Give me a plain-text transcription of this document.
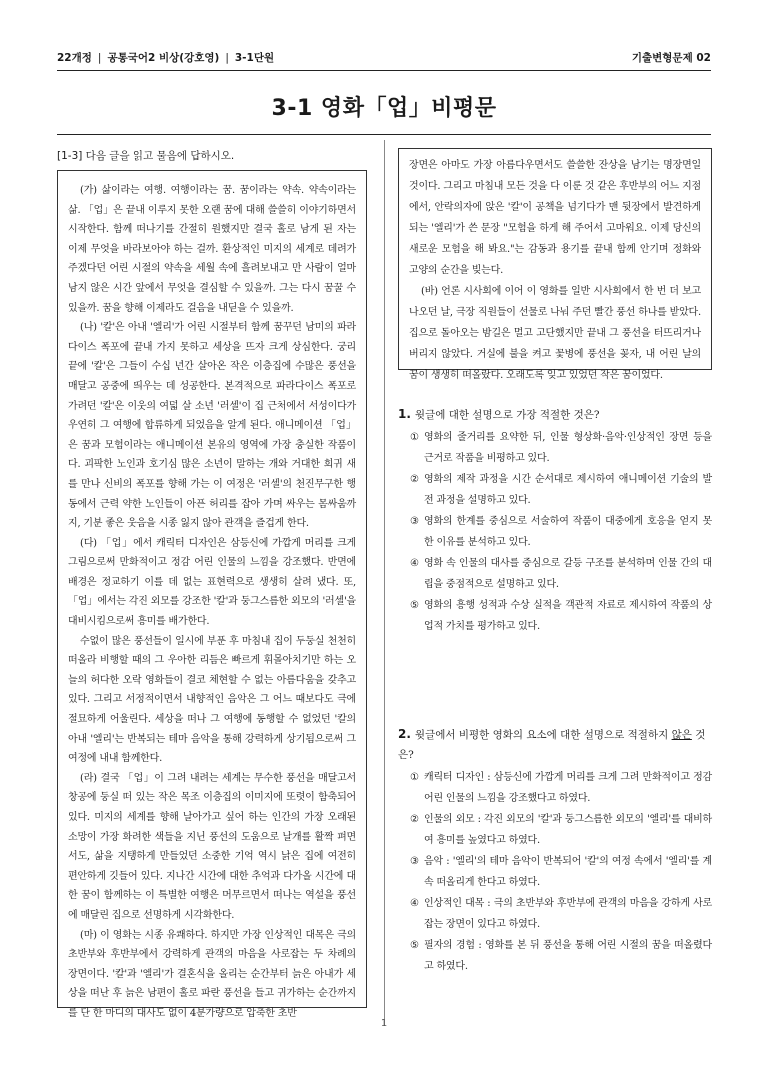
22개정 | 공통국어2 비상(강호영) | 3-1단원	기출변형문제 02
3-1 영화「업」비평문
[1-3] 다음 글을 읽고 물음에 답하시오.

(가) 삶이라는 여행. 여행이라는 꿈. 꿈이라는 약속. 약속이라는 삶. 「업」은 끝내 이루지 못한 오랜 꿈에 대해 쓸쓸히 이야기하면서 시작한다. 함께 떠나기를 간절히 원했지만 결국 홀로 남게 된 자는 이제 무엇을 바라보아야 하는 걸까. 환상적인 미지의 세계로 데려가 주겠다던 어린 시절의 약속을 세월 속에 흘려보내고 만 사람이 얼마 남지 않은 시간 앞에서 무엇을 결심할 수 있을까. 그는 다시 꿈꿀 수 있을까. 꿈을 향해 이제라도 걸음을 내딛을 수 있을까.

(나) '칼'은 아내 '엘리'가 어린 시절부터 함께 꿈꾸던 남미의 파라다이스 폭포에 끝내 가지 못하고 세상을 뜨자 크게 상심한다. 궁리 끝에 '칼'은 그들이 수십 년간 살아온 작은 이층집에 수많은 풍선을 매달고 공중에 띄우는 데 성공한다. 본격적으로 파라다이스 폭포로 가려던 '칼'은 이웃의 여덟 살 소년 '러셀'이 집 근처에서 서성이다가 우연히 그 여행에 합류하게 되었음을 알게 된다. 애니메이션 「업」은 꿈과 모험이라는 애니메이션 본유의 영역에 가장 충실한 작품이다. 괴팍한 노인과 호기심 많은 소년이 말하는 개와 거대한 희귀 새를 만나 신비의 폭포를 향해 가는 이 여정은 '러셀'의 천진무구한 행동에서 근력 약한 노인들이 아픈 허리를 잡아 가며 싸우는 몸싸움까지, 기분 좋은 웃음을 시종 잃지 않아 관객을 즐겁게 한다.

(다) 「업」에서 캐릭터 디자인은 삼등신에 가깝게 머리를 크게 그림으로써 만화적이고 정감 어린 인물의 느낌을 강조했다. 반면에 배경은 정교하기 이를 데 없는 표현력으로 생생히 살려 냈다. 또, 「업」에서는 각진 외모를 강조한 '칼'과 둥그스름한 외모의 '러셀'을 대비시킴으로써 흥미를 배가한다.

수없이 많은 풍선들이 일시에 부푼 후 마침내 집이 두둥실 천천히 떠올라 비행할 때의 그 우아한 리듬은 빠르게 휘몰아치기만 하는 오늘의 허다한 오락 영화들이 결코 체현할 수 없는 아름다움을 갖추고 있다. 그리고 서정적이면서 내향적인 음악은 그 어느 때보다도 극에 절묘하게 어울린다. 세상을 떠나 그 여행에 동행할 수 없었던 '칼의 아내 '엘리'는 반복되는 테마 음악을 통해 강력하게 상기됨으로써 그 여정에 내내 함께한다.

(라) 결국 「업」이 그려 내려는 세계는 무수한 풍선을 매달고서 창공에 둥실 떠 있는 작은 목조 이층집의 이미지에 또렷이 함축되어 있다. 미지의 세계를 향해 날아가고 싶어 하는 인간의 가장 오래된 소망이 가장 화려한 색들을 지닌 풍선의 도움으로 날개를 활짝 펴면서도, 삶을 지탱하게 만들었던 소중한 기억 역시 낡은 집에 여전히 편안하게 깃들어 있다. 지나간 시간에 대한 추억과 다가올 시간에 대한 꿈이 함께하는 이 특별한 여행은 머무르면서 떠나는 역설을 풍선에 매달린 집으로 선명하게 시각화한다.

(마) 이 영화는 시종 유쾌하다. 하지만 가장 인상적인 대목은 극의 초반부와 후반부에서 강력하게 관객의 마음을 사로잡는 두 차례의 장면이다. '칼'과 '엘리'가 결혼식을 올리는 순간부터 늙은 아내가 세상을 떠난 후 늙은 남편이 홀로 파란 풍선을 들고 귀가하는 순간까지를 단 한 마디의 대사도 없이 4분가량으로 압축한 초반

장면은 아마도 가장 아름다우면서도 쓸쓸한 잔상을 남기는 명장면일 것이다. 그리고 마침내 모든 것을 다 이룬 것 같은 후반부의 어느 지점에서, 안락의자에 앉은 '칼'이 공책을 넘기다가 맨 뒷장에서 발견하게 되는 '엘리'가 쓴 문장 "모험을 하게 해 주어서 고마워요. 이제 당신의 새로운 모험을 해 봐요."는 감동과 용기를 끝내 함께 안기며 정화와 고양의 순간을 빚는다.

(바) 언론 시사회에 이어 이 영화를 일반 시사회에서 한 번 더 보고 나오던 날, 극장 직원들이 선물로 나눠 주던 빨간 풍선 하나를 받았다. 집으로 돌아오는 밤길은 멀고 고단했지만 끝내 그 풍선을 터뜨리거나 버리지 않았다. 거실에 불을 켜고 꽃병에 풍선을 꽂자, 내 어린 날의 꿈이 생생히 떠올랐다. 오래도록 잊고 있었던 작은 꿈이었다.

1. 윗글에 대한 설명으로 가장 적절한 것은?
① 영화의 줄거리를 요약한 뒤, 인물 형상화·음악·인상적인 장면 등을 근거로 작품을 비평하고 있다.
② 영화의 제작 과정을 시간 순서대로 제시하여 애니메이션 기술의 발전 과정을 설명하고 있다.
③ 영화의 한계를 중심으로 서술하여 작품이 대중에게 호응을 얻지 못한 이유를 분석하고 있다.
④ 영화 속 인물의 대사를 중심으로 갈등 구조를 분석하며 인물 간의 대립을 중점적으로 설명하고 있다.
⑤ 영화의 흥행 성적과 수상 실적을 객관적 자료로 제시하여 작품의 상업적 가치를 평가하고 있다.
2. 윗글에서 비평한 영화의 요소에 대한 설명으로 적절하지 않은 것은?
① 캐릭터 디자인 : 삼등신에 가깝게 머리를 크게 그려 만화적이고 정감 어린 인물의 느낌을 강조했다고 하였다.
② 인물의 외모 : 각진 외모의 '칼'과 둥그스름한 외모의 '엘리'를 대비하여 흥미를 높였다고 하였다.
③ 음악 : '엘리'의 테마 음악이 반복되어 '칼'의 여정 속에서 '엘리'를 계속 떠올리게 한다고 하였다.
④ 인상적인 대목 : 극의 초반부와 후반부에 관객의 마음을 강하게 사로잡는 장면이 있다고 하였다.
⑤ 필자의 경험 : 영화를 본 뒤 풍선을 통해 어린 시절의 꿈을 떠올렸다고 하였다.
1
